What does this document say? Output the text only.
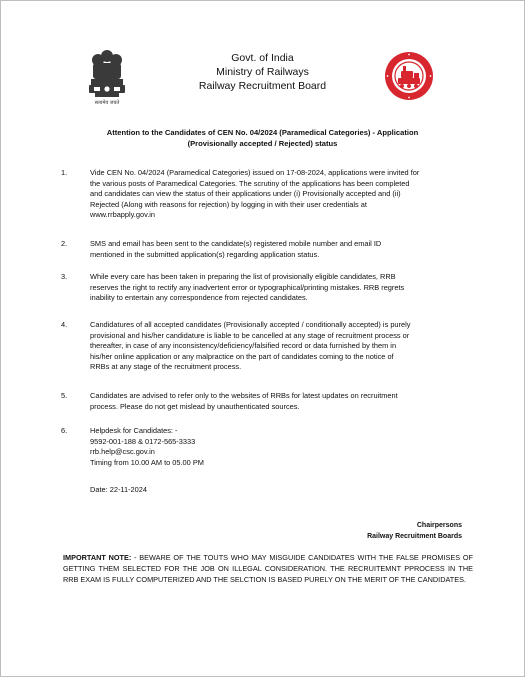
सत्यमेव जयते
Govt. of India
Ministry of Railways
Railway Recruitment Board
Attention to the Candidates of CEN No. 04/2024 (Paramedical Categories) - Application
(Provisionally accepted / Rejected) status
1.	Vide CEN No. 04/2024 (Paramedical Categories) issued on 17-08-2024, applications were invited for
the various posts of Paramedical Categories. The scrutiny of the applications has been completed
and candidates can view the status of their applications under (i) Provisionally accepted and (ii)
Rejected (Along with reasons for rejection) by logging in with their user credentials at
www.rrbapply.gov.in
2.	SMS and email has been sent to the candidate(s) registered mobile number and email ID
mentioned in the submitted application(s) regarding application status.
3.	While every care has been taken in preparing the list of provisionally eligible candidates, RRB
reserves the right to rectify any inadvertent error or typographical/printing mistakes. RRB regrets
inability to entertain any correspondence from rejected candidates.
4.	Candidatures of all accepted candidates (Provisionally accepted / conditionally accepted) is purely
provisional and his/her candidature is liable to be cancelled at any stage of recruitment process or
thereafter, in case of any inconsistency/deficiency/falsified record or data furnished by them in
his/her online application or any malpractice on the part of candidates coming to the notice of
RRBs at any stage of the recruitment process.
5.	Candidates are advised to refer only to the websites of RRBs for latest updates on recruitment
process. Please do not get mislead by unauthenticated sources.
6.	Helpdesk for Candidates: -
9592-001-188 & 0172-565-3333
rrb.help@csc.gov.in
Timing from 10.00 AM to 05.00 PM
Date: 22-11-2024
Chairpersons
Railway Recruitment Boards
IMPORTANT NOTE: - BEWARE OF THE TOUTS WHO MAY MISGUIDE CANDIDATES WITH THE FALSE PROMISES OF GETTING THEM SELECTED FOR THE JOB ON ILLEGAL CONSIDERATION. THE RECRUITEMNT PPROCESS IN THE RRB EXAM IS FULLY COMPUTERIZED AND THE SELCTION IS BASED PURELY ON THE MERIT OF THE CANDIDATES.
